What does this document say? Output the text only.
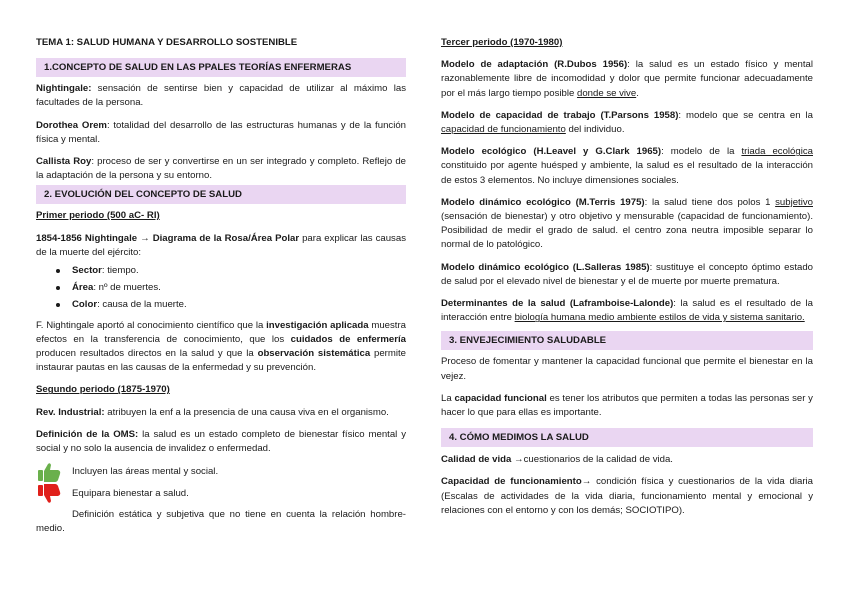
TEMA 1: SALUD HUMANA Y DESARROLLO SOSTENIBLE
1.CONCEPTO DE SALUD EN LAS PPALES TEORÍAS ENFERMERAS

Nightingale: sensación de sentirse bien y capacidad de utilizar al máximo las facultades de la persona.

Dorothea Orem: totalidad del desarrollo de las estructuras humanas y de la función física y mental.

Callista Roy: proceso de ser y convertirse en un ser integrado y completo. Reflejo de la adaptación de la persona y su entorno.

2. EVOLUCIÓN DEL CONCEPTO DE SALUD
Primer periodo (500 aC- RI)

1854-1856 Nightingale → Diagrama de la Rosa/Área Polar para explicar las causas de la muerte del ejército:

Sector: tiempo.
Área: nº de muertes.
Color: causa de la muerte.

F. Nightingale aportó al conocimiento científico que la investigación aplicada muestra efectos en la transferencia de conocimiento, que los cuidados de enfermería producen resultados directos en la salud y que la observación sistemática permite instaurar pautas en las causas de la enfermedad y su prevención.

Segundo periodo (1875-1970)

Rev. Industrial: atribuyen la enf a la presencia de una causa viva en el organismo.

Definición de la OMS: la salud es un estado completo de bienestar físico mental y social y no solo la ausencia de invalidez o enfermedad.

Incluyen las áreas mental y social.
Equipara bienestar a salud.
Definición estática y subjetiva que no tiene en cuenta la relación hombre-medio.
Tercer periodo (1970-1980)

Modelo de adaptación (R.Dubos 1956): la salud es un estado físico y mental razonablemente libre de incomodidad y dolor que permite funcionar adecuadamente por el más largo tiempo posible donde se vive.

Modelo de capacidad de trabajo (T.Parsons 1958): modelo que se centra en la capacidad de funcionamiento del individuo.

Modelo ecológico (H.Leavel y G.Clark 1965): modelo de la triada ecológica constituido por agente huésped y ambiente, la salud es el resultado de la interacción de estos 3 elementos. No incluye dimensiones sociales.

Modelo dinámico ecológico (M.Terris 1975): la salud tiene dos polos 1 subjetivo (sensación de bienestar) y otro objetivo y mensurable (capacidad de funcionamiento). Posibilidad de medir el grado de salud. el centro zona neutra imposible separar lo normal de lo patológico.

Modelo dinámico ecológico (L.Salleras 1985): sustituye el concepto óptimo estado de salud por el elevado nivel de bienestar y el de muerte por muerte prematura.

Determinantes de la salud (Laframboise-Lalonde): la salud es el resultado de la interacción entre biología humana medio ambiente estilos de vida y sistema sanitario.

3. ENVEJECIMIENTO SALUDABLE

Proceso de fomentar y mantener la capacidad funcional que permite el bienestar en la vejez.

La capacidad funcional es tener los atributos que permiten a todas las personas ser y hacer lo que para ellas es importante.

4. CÓMO MEDIMOS LA SALUD

Calidad de vida →cuestionarios de la calidad de vida.

Capacidad de funcionamiento→ condición física y cuestionarios de la vida diaria (Escalas de actividades de la vida diaria, funcionamiento mental y emocional y relaciones con el entorno y con los demás; SOCIOTIPO).
